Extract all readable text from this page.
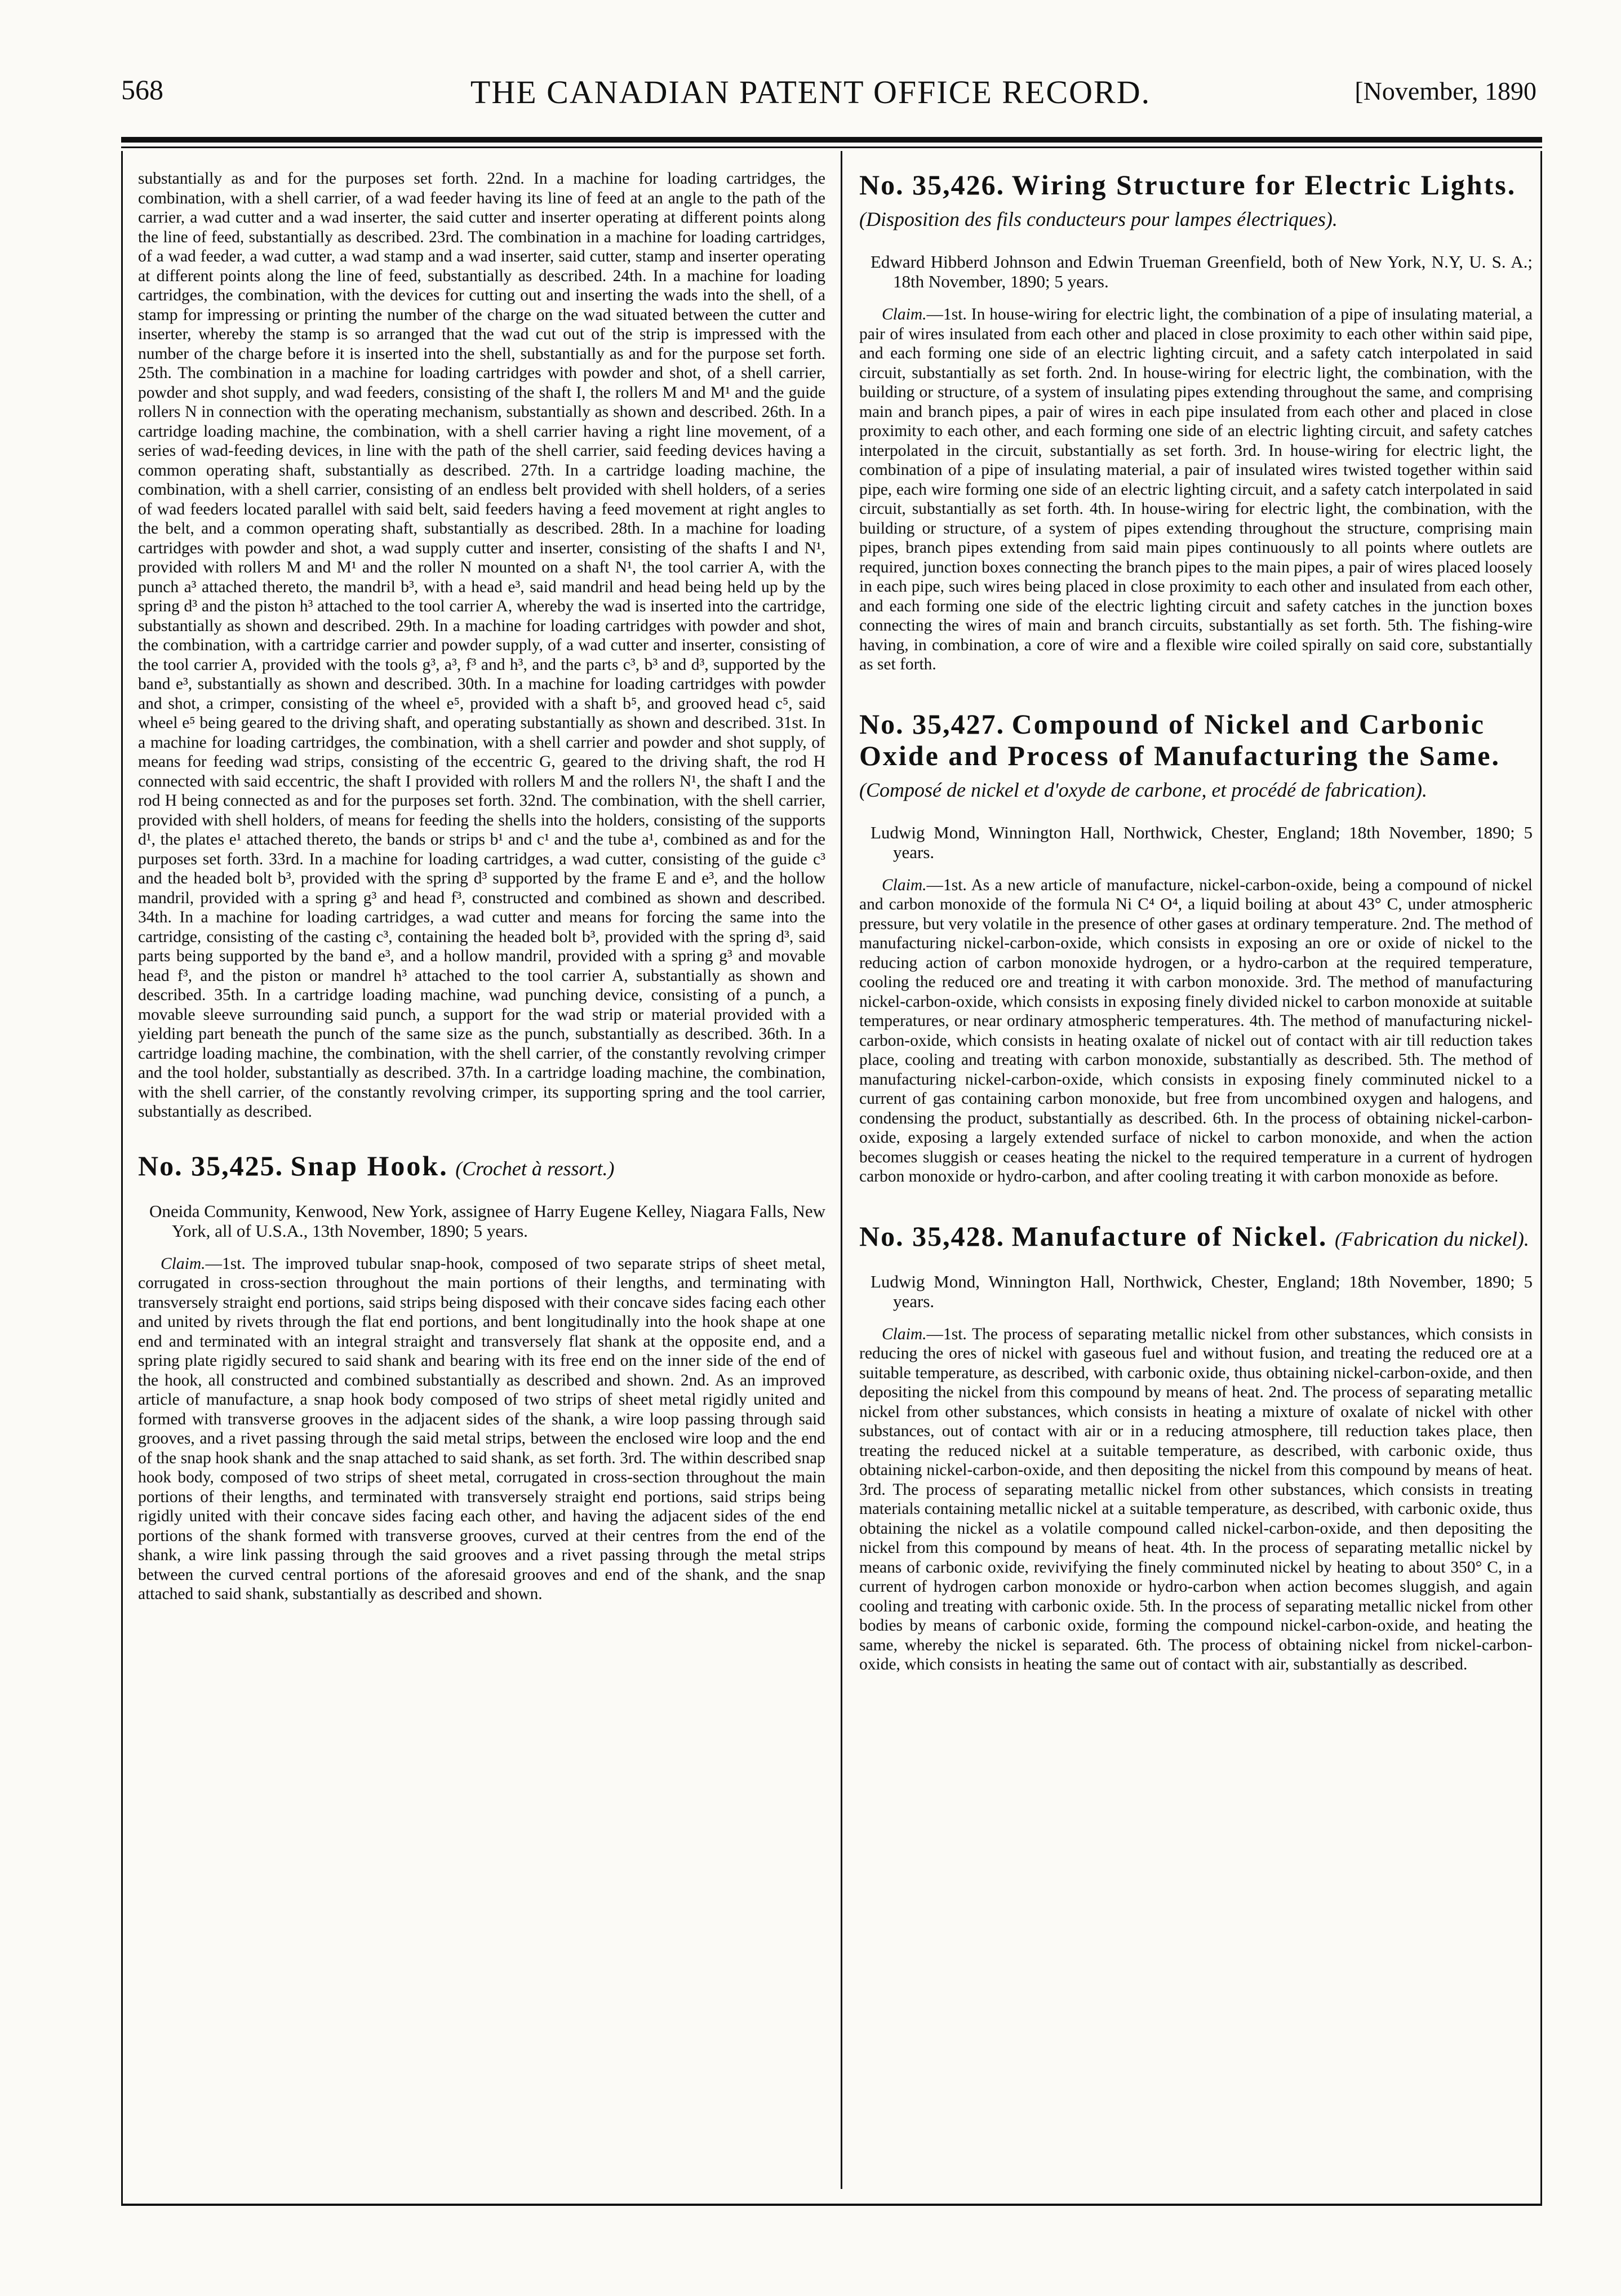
568	THE CANADIAN PATENT OFFICE RECORD.	[November, 1890

substantially as and for the purposes set forth. 22nd. In a machine for loading cartridges, the combination, with a shell carrier, of a wad feeder having its line of feed at an angle to the path of the carrier, a wad cutter and a wad inserter, the said cutter and inserter operating at different points along the line of feed, substantially as described. 23rd. The combination in a machine for loading cartridges, of a wad feeder, a wad cutter, a wad stamp and a wad inserter, said cutter, stamp and inserter operating at different points along the line of feed, substantially as described. 24th. In a machine for loading cartridges, the combination, with the devices for cutting out and inserting the wads into the shell, of a stamp for impressing or printing the number of the charge on the wad situated between the cutter and inserter, whereby the stamp is so arranged that the wad cut out of the strip is impressed with the number of the charge before it is inserted into the shell, substantially as and for the purpose set forth. 25th. The combination in a machine for loading cartridges with powder and shot, of a shell carrier, powder and shot supply, and wad feeders, consisting of the shaft I, the rollers M and M¹ and the guide rollers N in connection with the operating mechanism, substantially as shown and described. 26th. In a cartridge loading machine, the combination, with a shell carrier having a right line movement, of a series of wad-feeding devices, in line with the path of the shell carrier, said feeding devices having a common operating shaft, substantially as described. 27th. In a cartridge loading machine, the combination, with a shell carrier, consisting of an endless belt provided with shell holders, of a series of wad feeders located parallel with said belt, said feeders having a feed movement at right angles to the belt, and a common operating shaft, substantially as described. 28th. In a machine for loading cartridges with powder and shot, a wad supply cutter and inserter, consisting of the shafts I and N¹, provided with rollers M and M¹ and the roller N mounted on a shaft N¹, the tool carrier A, with the punch a³ attached thereto, the mandril b³, with a head e³, said mandril and head being held up by the spring d³ and the piston h³ attached to the tool carrier A, whereby the wad is inserted into the cartridge, substantially as shown and described. 29th. In a machine for loading cartridges with powder and shot, the combination, with a cartridge carrier and powder supply, of a wad cutter and inserter, consisting of the tool carrier A, provided with the tools g³, a³, f³ and h³, and the parts c³, b³ and d³, supported by the band e³, substantially as shown and described. 30th. In a machine for loading cartridges with powder and shot, a crimper, consisting of the wheel e⁵, provided with a shaft b⁵, and grooved head c⁵, said wheel e⁵ being geared to the driving shaft, and operating substantially as shown and described. 31st. In a machine for loading cartridges, the combination, with a shell carrier and powder and shot supply, of means for feeding wad strips, consisting of the eccentric G, geared to the driving shaft, the rod H connected with said eccentric, the shaft I provided with rollers M and the rollers N¹, the shaft I and the rod H being connected as and for the purposes set forth. 32nd. The combination, with the shell carrier, provided with shell holders, of means for feeding the shells into the holders, consisting of the supports d¹, the plates e¹ attached thereto, the bands or strips b¹ and c¹ and the tube a¹, combined as and for the purposes set forth. 33rd. In a machine for loading cartridges, a wad cutter, consisting of the guide c³ and the headed bolt b³, provided with the spring d³ supported by the frame E and e³, and the hollow mandril, provided with a spring g³ and head f³, constructed and combined as shown and described. 34th. In a machine for loading cartridges, a wad cutter and means for forcing the same into the cartridge, consisting of the casting c³, containing the headed bolt b³, provided with the spring d³, said parts being supported by the band e³, and a hollow mandril, provided with a spring g³ and movable head f³, and the piston or mandrel h³ attached to the tool carrier A, substantially as shown and described. 35th. In a cartridge loading machine, wad punching device, consisting of a punch, a movable sleeve surrounding said punch, a support for the wad strip or material provided with a yielding part beneath the punch of the same size as the punch, substantially as described. 36th. In a cartridge loading machine, the combination, with the shell carrier, of the constantly revolving crimper and the tool holder, substantially as described. 37th. In a cartridge loading machine, the combination, with the shell carrier, of the constantly revolving crimper, its supporting spring and the tool carrier, substantially as described.

No. 35,425. Snap Hook. (Crochet à ressort.)

Oneida Community, Kenwood, New York, assignee of Harry Eugene Kelley, Niagara Falls, New York, all of U.S.A., 13th November, 1890; 5 years.

Claim.—1st. The improved tubular snap-hook, composed of two separate strips of sheet metal, corrugated in cross-section throughout the main portions of their lengths, and terminating with transversely straight end portions, said strips being disposed with their concave sides facing each other and united by rivets through the flat end portions, and bent longitudinally into the hook shape at one end and terminated with an integral straight and transversely flat shank at the opposite end, and a spring plate rigidly secured to said shank and bearing with its free end on the inner side of the end of the hook, all constructed and combined substantially as described and shown. 2nd. As an improved article of manufacture, a snap hook body composed of two strips of sheet metal rigidly united and formed with transverse grooves in the adjacent sides of the shank, a wire loop passing through said grooves, and a rivet passing through the said metal strips, between the enclosed wire loop and the end of the snap hook shank and the snap attached to said shank, as set forth. 3rd. The within described snap hook body, composed of two strips of sheet metal, corrugated in cross-section throughout the main portions of their lengths, and terminated with transversely straight end portions, said strips being rigidly united with their concave sides facing each other, and having the adjacent sides of the end portions of the shank formed with transverse grooves, curved at their centres from the end of the shank, a wire link passing through the said grooves and a rivet passing through the metal strips between the curved central portions of the aforesaid grooves and end of the shank, and the snap attached to said shank, substantially as described and shown.

No. 35,426. Wiring Structure for Electric Lights. (Disposition des fils conducteurs pour lampes électriques).

Edward Hibberd Johnson and Edwin Trueman Greenfield, both of New York, N.Y, U. S. A.; 18th November, 1890; 5 years.

Claim.—1st. In house-wiring for electric light, the combination of a pipe of insulating material, a pair of wires insulated from each other and placed in close proximity to each other within said pipe, and each forming one side of an electric lighting circuit, and a safety catch interpolated in said circuit, substantially as set forth. 2nd. In house-wiring for electric light, the combination, with the building or structure, of a system of insulating pipes extending throughout the same, and comprising main and branch pipes, a pair of wires in each pipe insulated from each other and placed in close proximity to each other, and each forming one side of an electric lighting circuit, and safety catches interpolated in the circuit, substantially as set forth. 3rd. In house-wiring for electric light, the combination of a pipe of insulating material, a pair of insulated wires twisted together within said pipe, each wire forming one side of an electric lighting circuit, and a safety catch interpolated in said circuit, substantially as set forth. 4th. In house-wiring for electric light, the combination, with the building or structure, of a system of pipes extending throughout the structure, comprising main pipes, branch pipes extending from said main pipes continuously to all points where outlets are required, junction boxes connecting the branch pipes to the main pipes, a pair of wires placed loosely in each pipe, such wires being placed in close proximity to each other and insulated from each other, and each forming one side of the electric lighting circuit and safety catches in the junction boxes connecting the wires of main and branch circuits, substantially as set forth. 5th. The fishing-wire having, in combination, a core of wire and a flexible wire coiled spirally on said core, substantially as set forth.

No. 35,427. Compound of Nickel and Carbonic Oxide and Process of Manufacturing the Same. (Composé de nickel et d'oxyde de carbone, et procédé de fabrication).

Ludwig Mond, Winnington Hall, Northwick, Chester, England; 18th November, 1890; 5 years.

Claim.—1st. As a new article of manufacture, nickel-carbon-oxide, being a compound of nickel and carbon monoxide of the formula Ni C⁴ O⁴, a liquid boiling at about 43° C, under atmospheric pressure, but very volatile in the presence of other gases at ordinary temperature. 2nd. The method of manufacturing nickel-carbon-oxide, which consists in exposing an ore or oxide of nickel to the reducing action of carbon monoxide hydrogen, or a hydro-carbon at the required temperature, cooling the reduced ore and treating it with carbon monoxide. 3rd. The method of manufacturing nickel-carbon-oxide, which consists in exposing finely divided nickel to carbon monoxide at suitable temperatures, or near ordinary atmospheric temperatures. 4th. The method of manufacturing nickel-carbon-oxide, which consists in heating oxalate of nickel out of contact with air till reduction takes place, cooling and treating with carbon monoxide, substantially as described. 5th. The method of manufacturing nickel-carbon-oxide, which consists in exposing finely comminuted nickel to a current of gas containing carbon monoxide, but free from uncombined oxygen and halogens, and condensing the product, substantially as described. 6th. In the process of obtaining nickel-carbon-oxide, exposing a largely extended surface of nickel to carbon monoxide, and when the action becomes sluggish or ceases heating the nickel to the required temperature in a current of hydrogen carbon monoxide or hydro-carbon, and after cooling treating it with carbon monoxide as before.

No. 35,428. Manufacture of Nickel. (Fabrication du nickel).

Ludwig Mond, Winnington Hall, Northwick, Chester, England; 18th November, 1890; 5 years.

Claim.—1st. The process of separating metallic nickel from other substances, which consists in reducing the ores of nickel with gaseous fuel and without fusion, and treating the reduced ore at a suitable temperature, as described, with carbonic oxide, thus obtaining nickel-carbon-oxide, and then depositing the nickel from this compound by means of heat. 2nd. The process of separating metallic nickel from other substances, which consists in heating a mixture of oxalate of nickel with other substances, out of contact with air or in a reducing atmosphere, till reduction takes place, then treating the reduced nickel at a suitable temperature, as described, with carbonic oxide, thus obtaining nickel-carbon-oxide, and then depositing the nickel from this compound by means of heat. 3rd. The process of separating metallic nickel from other substances, which consists in treating materials containing metallic nickel at a suitable temperature, as described, with carbonic oxide, thus obtaining the nickel as a volatile compound called nickel-carbon-oxide, and then depositing the nickel from this compound by means of heat. 4th. In the process of separating metallic nickel by means of carbonic oxide, revivifying the finely comminuted nickel by heating to about 350° C, in a current of hydrogen carbon monoxide or hydro-carbon when action becomes sluggish, and again cooling and treating with carbonic oxide. 5th. In the process of separating metallic nickel from other bodies by means of carbonic oxide, forming the compound nickel-carbon-oxide, and heating the same, whereby the nickel is separated. 6th. The process of obtaining nickel from nickel-carbon-oxide, which consists in heating the same out of contact with air, substantially as described.
